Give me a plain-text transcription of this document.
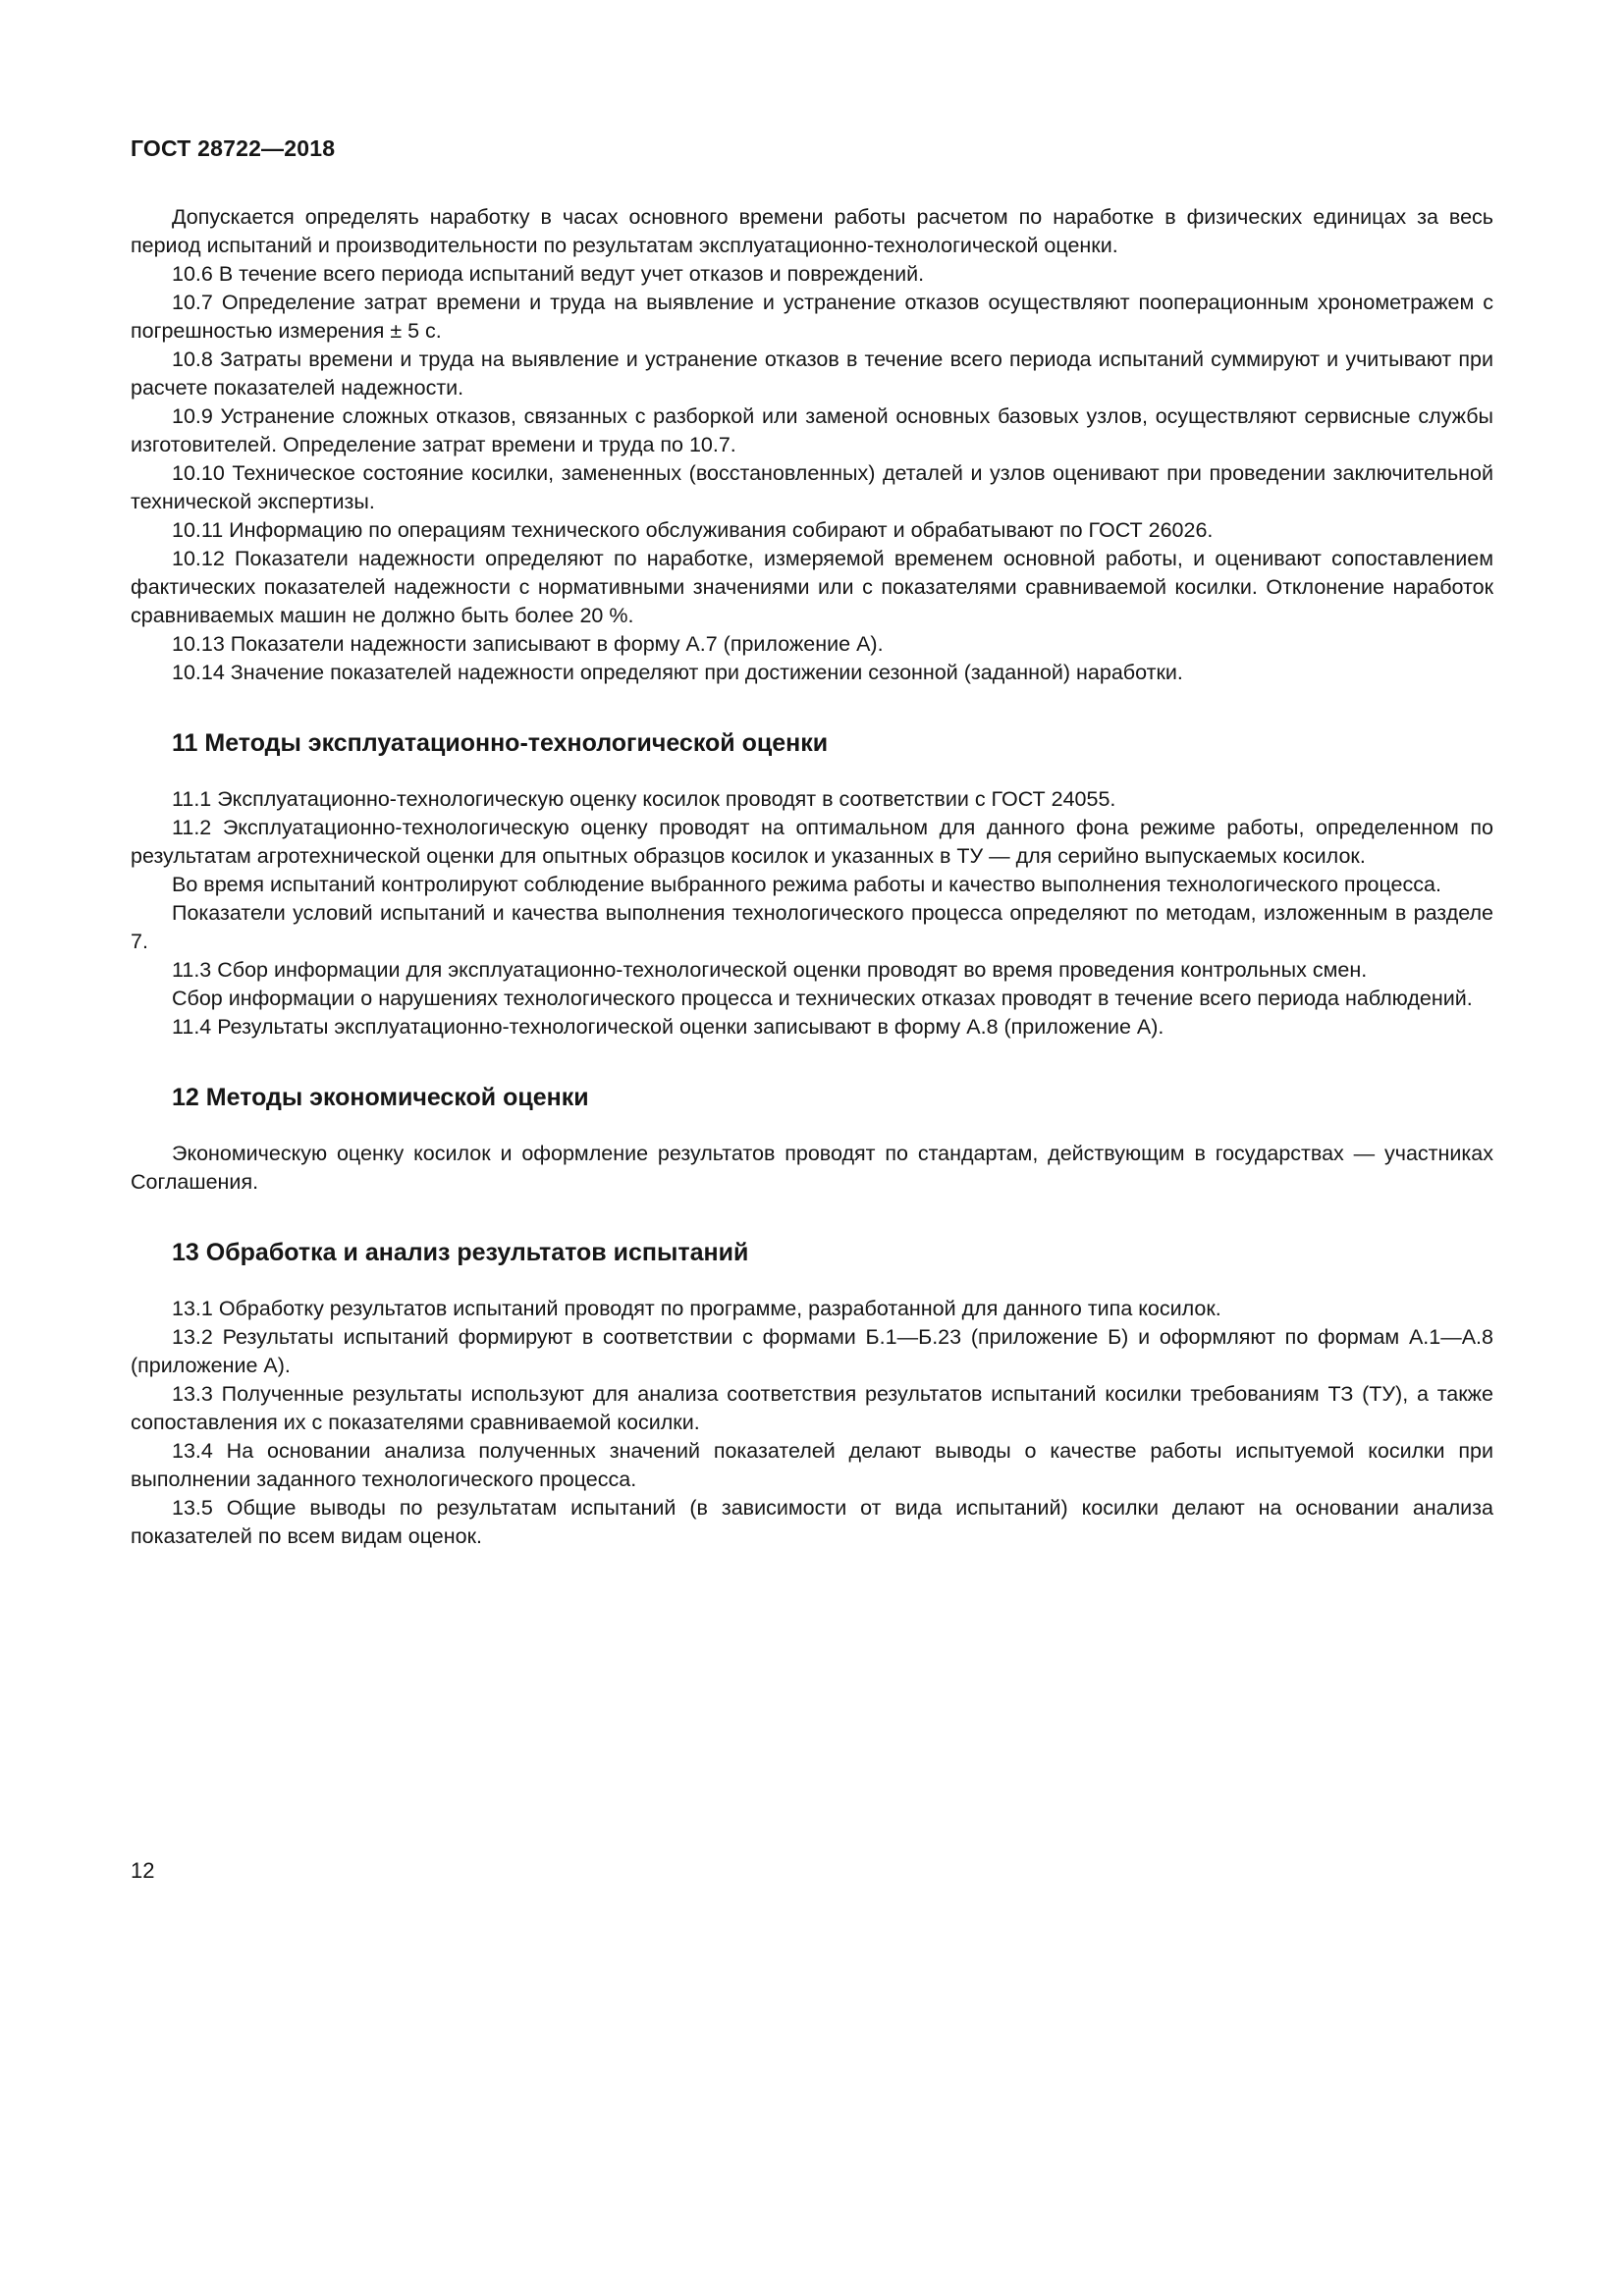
ГОСТ 28722—2018

Допускается определять наработку в часах основного времени работы расчетом по наработке в физических единицах за весь период испытаний и производительности по результатам эксплуатационно-технологической оценки.

10.6 В течение всего периода испытаний ведут учет отказов и повреждений.

10.7 Определение затрат времени и труда на выявление и устранение отказов осуществляют пооперационным хронометражем с погрешностью измерения ± 5 с.

10.8 Затраты времени и труда на выявление и устранение отказов в течение всего периода испытаний суммируют и учитывают при расчете показателей надежности.

10.9 Устранение сложных отказов, связанных с разборкой или заменой основных базовых узлов, осуществляют сервисные службы изготовителей. Определение затрат времени и труда по 10.7.

10.10 Техническое состояние косилки, замененных (восстановленных) деталей и узлов оценивают при проведении заключительной технической экспертизы.

10.11 Информацию по операциям технического обслуживания собирают и обрабатывают по ГОСТ 26026.

10.12 Показатели надежности определяют по наработке, измеряемой временем основной работы, и оценивают сопоставлением фактических показателей надежности с нормативными значениями или с показателями сравниваемой косилки. Отклонение наработок сравниваемых машин не должно быть более 20 %.

10.13 Показатели надежности записывают в форму А.7 (приложение А).

10.14 Значение показателей надежности определяют при достижении сезонной (заданной) наработки.

11 Методы эксплуатационно-технологической оценки

11.1 Эксплуатационно-технологическую оценку косилок проводят в соответствии с ГОСТ 24055.

11.2 Эксплуатационно-технологическую оценку проводят на оптимальном для данного фона режиме работы, определенном по результатам агротехнической оценки для опытных образцов косилок и указанных в ТУ — для серийно выпускаемых косилок.

Во время испытаний контролируют соблюдение выбранного режима работы и качество выполнения технологического процесса.

Показатели условий испытаний и качества выполнения технологического процесса определяют по методам, изложенным в разделе 7.

11.3 Сбор информации для эксплуатационно-технологической оценки проводят во время проведения контрольных смен.

Сбор информации о нарушениях технологического процесса и технических отказах проводят в течение всего периода наблюдений.

11.4 Результаты эксплуатационно-технологической оценки записывают в форму А.8 (приложение А).

12 Методы экономической оценки

Экономическую оценку косилок и оформление результатов проводят по стандартам, действующим в государствах — участниках Соглашения.

13 Обработка и анализ результатов испытаний

13.1 Обработку результатов испытаний проводят по программе, разработанной для данного типа косилок.

13.2 Результаты испытаний формируют в соответствии с формами Б.1—Б.23 (приложение Б) и оформляют по формам А.1—А.8 (приложение А).

13.3 Полученные результаты используют для анализа соответствия результатов испытаний косилки требованиям ТЗ (ТУ), а также сопоставления их с показателями сравниваемой косилки.

13.4 На основании анализа полученных значений показателей делают выводы о качестве работы испытуемой косилки при выполнении заданного технологического процесса.

13.5 Общие выводы по результатам испытаний (в зависимости от вида испытаний) косилки делают на основании анализа показателей по всем видам оценок.

12
